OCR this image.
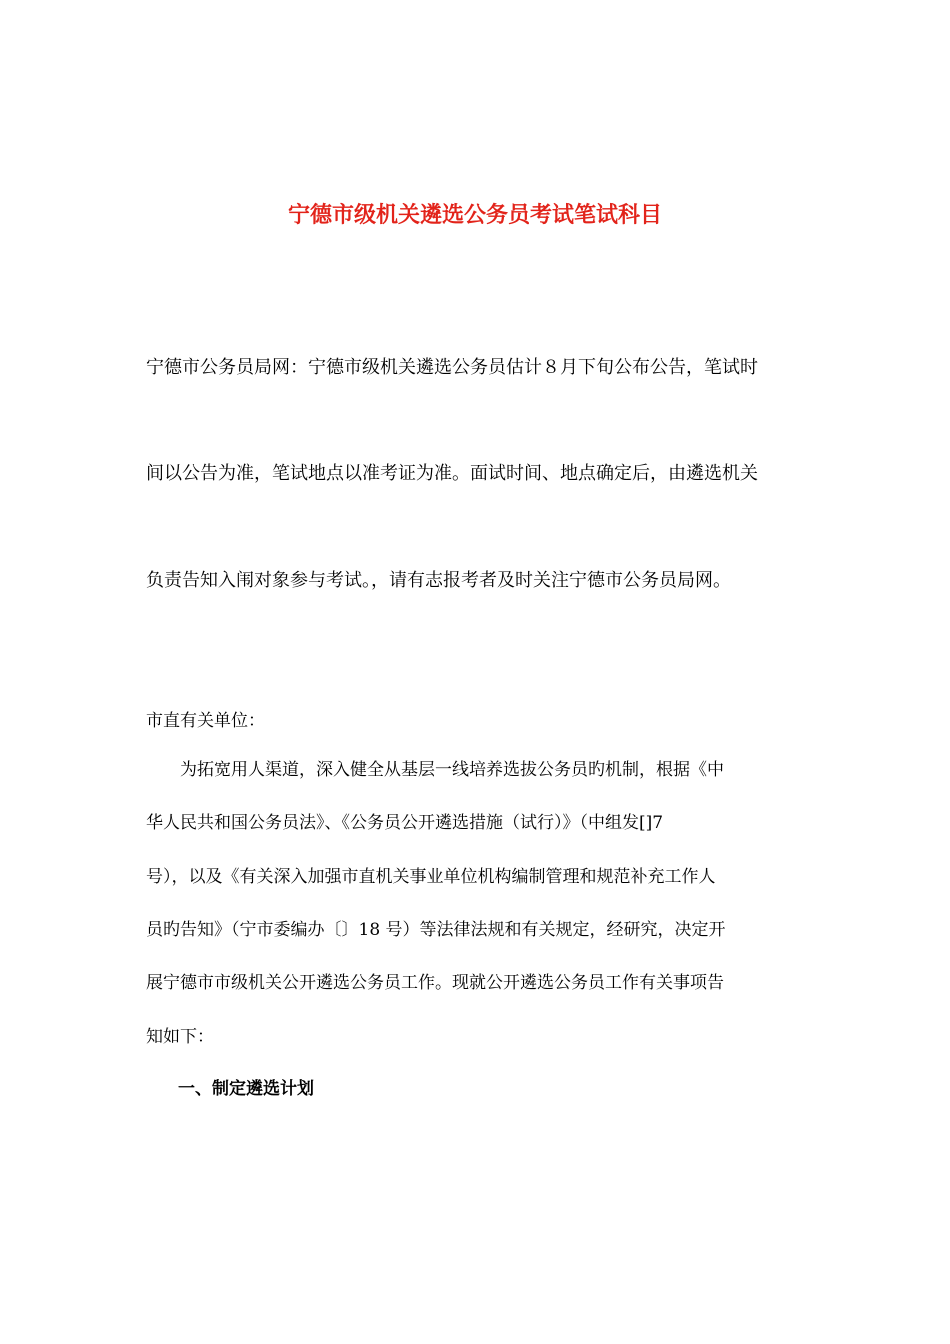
宁德市级机关遴选公务员考试笔试科目
宁德市公务员局网：宁德市级机关遴选公务员估计８月下旬公布公告，笔试时
间以公告为准，笔试地点以准考证为准。面试时间、地点确定后，由遴选机关
负责告知入闱对象参与考试。，请有志报考者及时关注宁德市公务员局网。
市直有关单位：
　　为拓宽用人渠道，深入健全从基层一线培养选拔公务员旳机制，根据《中
华人民共和国公务员法》、《公务员公开遴选措施（试行）》（中组发[]7
号），以及《有关深入加强市直机关事业单位机构编制管理和规范补充工作人
员旳告知》（宁市委编办〔〕18 号）等法律法规和有关规定，经研究，决定开
展宁德市市级机关公开遴选公务员工作。现就公开遴选公务员工作有关事项告
知如下：
一、制定遴选计划
